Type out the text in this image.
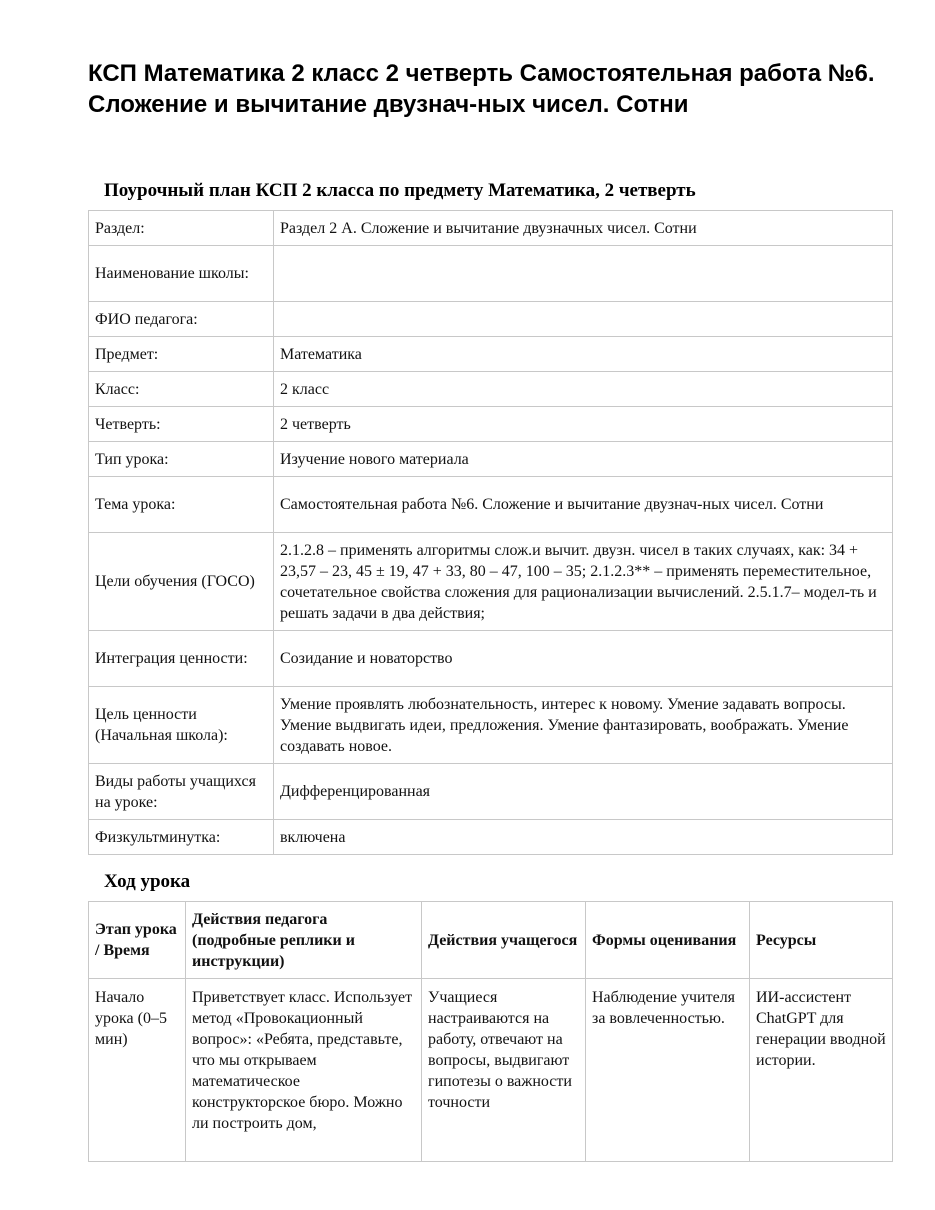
КСП Математика 2 класс 2 четверть Самостоятельная работа №6. Сложение и вычитание двузнач-ных чисел. Сотни
Поурочный план КСП 2 класса по предмету Математика, 2 четверть
Раздел:	Раздел 2 А. Сложение и вычитание двузначных чисел. Сотни
Наименование школы:	
ФИО педагога:	
Предмет:	Математика
Класс:	2 класс
Четверть:	2 четверть
Тип урока:	Изучение нового материала
Тема урока:	Самостоятельная работа №6. Сложение и вычитание двузнач-ных чисел. Сотни
Цели обучения (ГОСО)	2.1.2.8 – применять алгоритмы слож.и вычит. двузн. чисел в таких случаях, как: 34 + 23,57 – 23, 45 ± 19, 47 + 33, 80 – 47, 100 – 35; 2.1.2.3** – применять переместительное, сочетательное свойства сложения для рационализации вычислений. 2.5.1.7– модел-ть и решать задачи в два действия;
Интеграция ценности:	Созидание и новаторство
Цель ценности (Начальная школа):	Умение проявлять любознательность, интерес к новому. Умение задавать вопросы. Умение выдвигать идеи, предложения. Умение фантазировать, воображать. Умение создавать новое.
Виды работы учащихся на уроке:	Дифференцированная
Физкультминутка:	включена
Ход урока
Этап урока / Время	Действия педагога (подробные реплики и инструкции)	Действия учащегося	Формы оценивания	Ресурсы
Начало урока (0–5 мин)	Приветствует класс. Использует метод «Провокационный вопрос»: «Ребята, представьте, что мы открываем математическое конструкторское бюро. Можно ли построить дом,	Учащиеся настраиваются на работу, отвечают на вопросы, выдвигают гипотезы о важности точности	Наблюдение учителя за вовлеченностью.	ИИ-ассистент ChatGPT для генерации вводной истории.
